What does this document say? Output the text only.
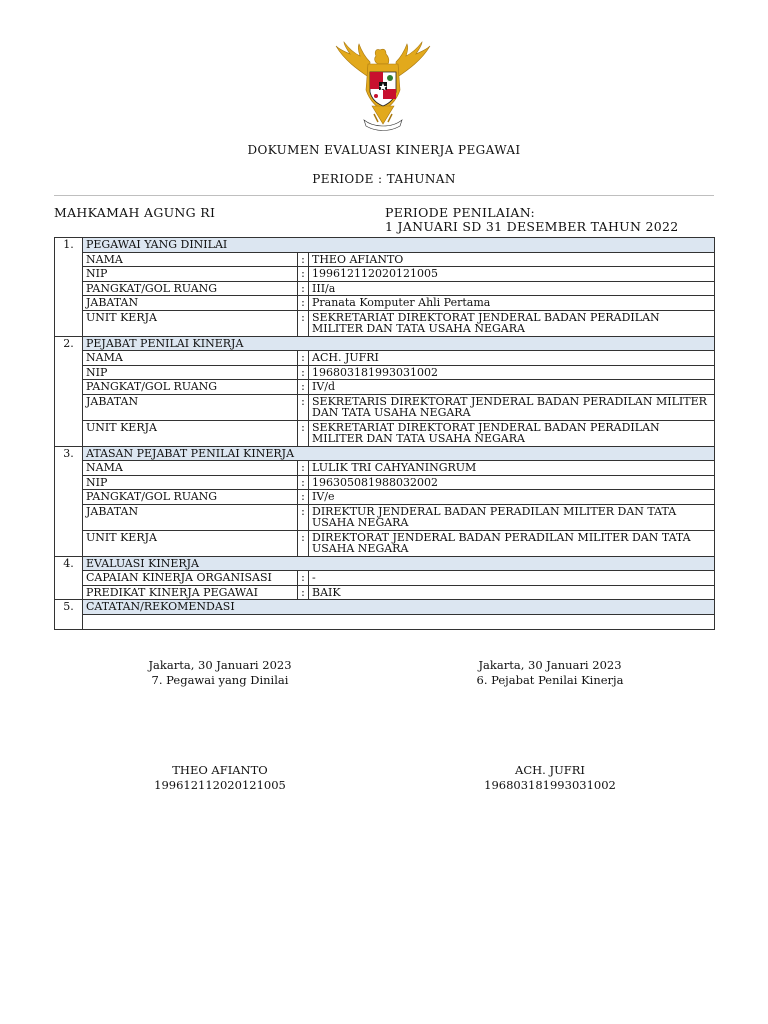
DOKUMEN EVALUASI KINERJA PEGAWAI
PERIODE : TAHUNAN
MAHKAMAH AGUNG RI	PERIODE PENILAIAN:
1 JANUARI SD 31 DESEMBER TAHUN 2022
1.	PEGAWAI YANG DINILAI		
	NAMA	:	THEO AFIANTO
	NIP	:	199612112020121005
	PANGKAT/GOL RUANG	:	III/a
	JABATAN	:	Pranata Komputer Ahli Pertama
	UNIT KERJA	:	SEKRETARIAT DIREKTORAT JENDERAL BADAN PERADILAN MILITER DAN TATA USAHA NEGARA
2.	PEJABAT PENILAI KINERJA		
	NAMA	:	ACH. JUFRI
	NIP	:	196803181993031002
	PANGKAT/GOL RUANG	:	IV/d
	JABATAN	:	SEKRETARIS DIREKTORAT JENDERAL BADAN PERADILAN MILITER DAN TATA USAHA NEGARA
	UNIT KERJA	:	SEKRETARIAT DIREKTORAT JENDERAL BADAN PERADILAN MILITER DAN TATA USAHA NEGARA
3.	ATASAN PEJABAT PENILAI KINERJA		
	NAMA	:	LULIK TRI CAHYANINGRUM
	NIP	:	196305081988032002
	PANGKAT/GOL RUANG	:	IV/e
	JABATAN	:	DIREKTUR JENDERAL BADAN PERADILAN MILITER DAN TATA USAHA NEGARA
	UNIT KERJA	:	DIREKTORAT JENDERAL BADAN PERADILAN MILITER DAN TATA USAHA NEGARA
4.	EVALUASI KINERJA		
	CAPAIAN KINERJA ORGANISASI	:	-
	PREDIKAT KINERJA PEGAWAI	:	BAIK
5.	CATATAN/REKOMENDASI		

Jakarta, 30 Januari 2023
7. Pegawai yang Dinilai
THEO AFIANTO
199612112020121005
Jakarta, 30 Januari 2023
6. Pejabat Penilai Kinerja
ACH. JUFRI
196803181993031002
